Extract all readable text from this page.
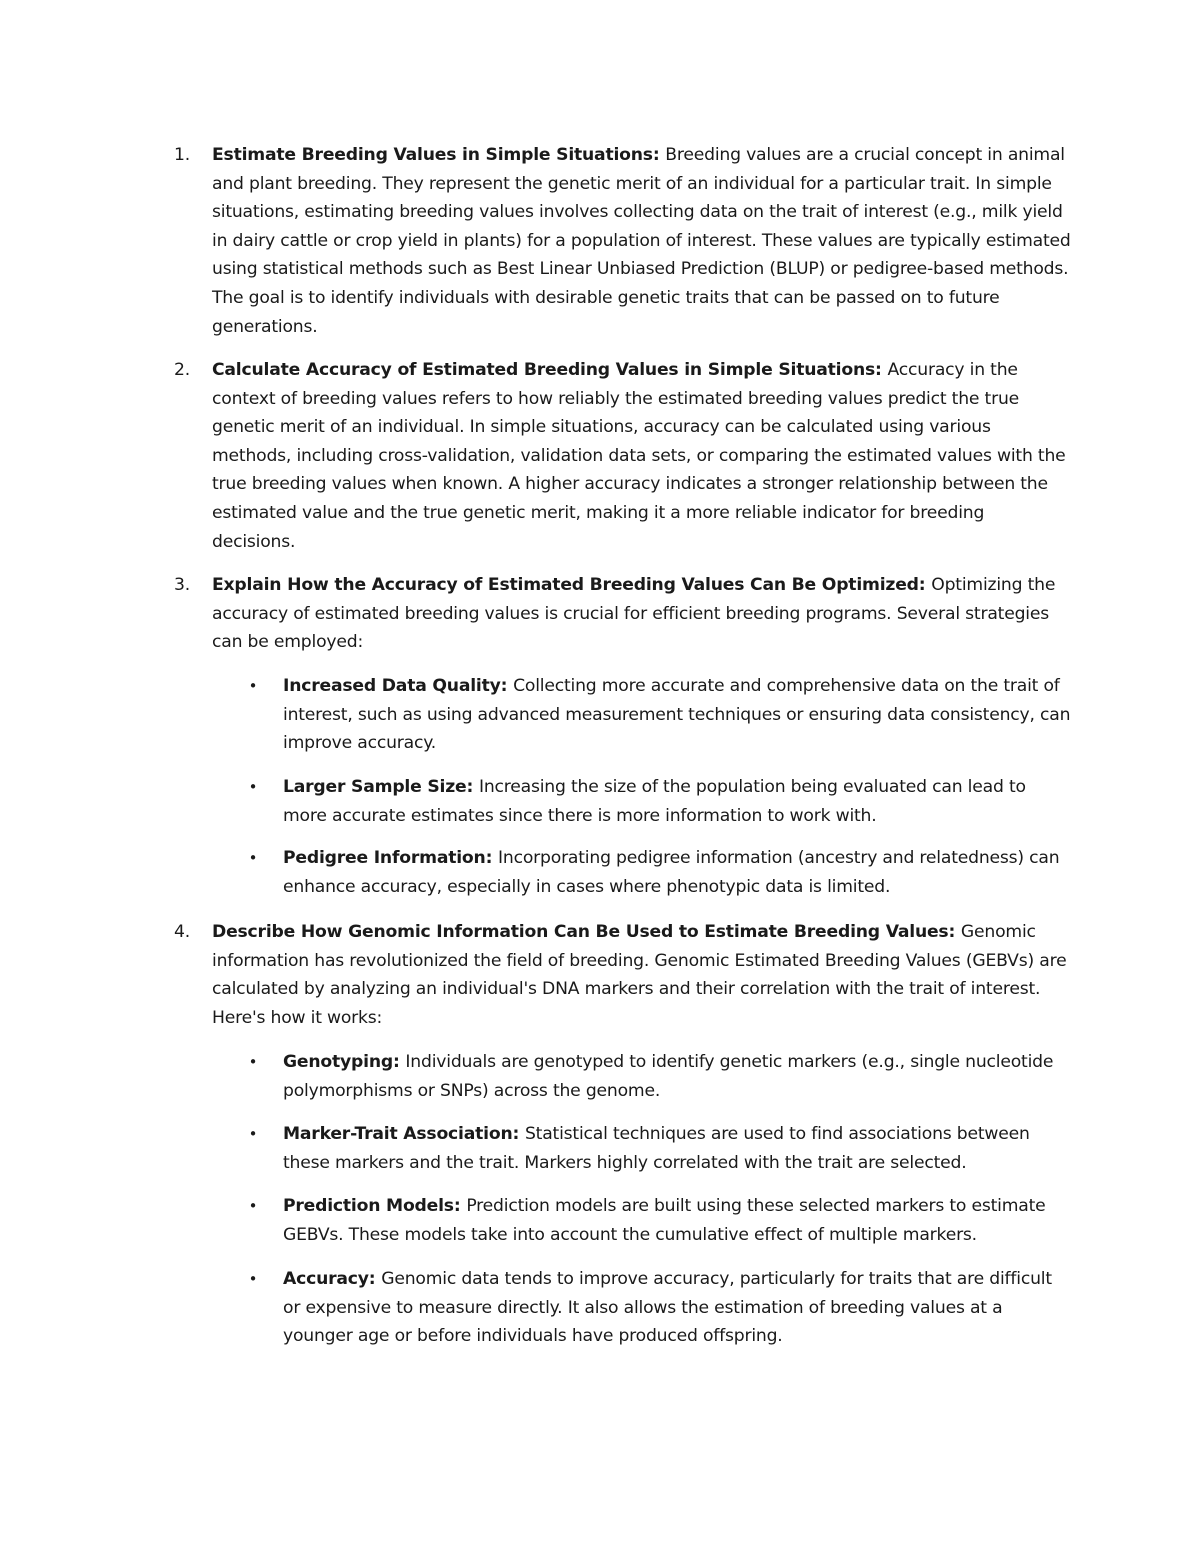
1.	Estimate Breeding Values in Simple Situations: Breeding values are a crucial concept in animal and plant breeding. They represent the genetic merit of an individual for a particular trait. In simple situations, estimating breeding values involves collecting data on the trait of interest (e.g., milk yield in dairy cattle or crop yield in plants) for a population of interest. These values are typically estimated using statistical methods such as Best Linear Unbiased Prediction (BLUP) or pedigree-based methods. The goal is to identify individuals with desirable genetic traits that can be passed on to future generations.
2.	Calculate Accuracy of Estimated Breeding Values in Simple Situations: Accuracy in the context of breeding values refers to how reliably the estimated breeding values predict the true genetic merit of an individual. In simple situations, accuracy can be calculated using various methods, including cross-validation, validation data sets, or comparing the estimated values with the true breeding values when known. A higher accuracy indicates a stronger relationship between the estimated value and the true genetic merit, making it a more reliable indicator for breeding decisions.
3.	Explain How the Accuracy of Estimated Breeding Values Can Be Optimized: Optimizing the accuracy of estimated breeding values is crucial for efficient breeding programs. Several strategies can be employed:
•	Increased Data Quality: Collecting more accurate and comprehensive data on the trait of interest, such as using advanced measurement techniques or ensuring data consistency, can improve accuracy.
•	Larger Sample Size: Increasing the size of the population being evaluated can lead to more accurate estimates since there is more information to work with.
•	Pedigree Information: Incorporating pedigree information (ancestry and relatedness) can enhance accuracy, especially in cases where phenotypic data is limited.
4.	Describe How Genomic Information Can Be Used to Estimate Breeding Values: Genomic information has revolutionized the field of breeding. Genomic Estimated Breeding Values (GEBVs) are calculated by analyzing an individual's DNA markers and their correlation with the trait of interest. Here's how it works:
•	Genotyping: Individuals are genotyped to identify genetic markers (e.g., single nucleotide polymorphisms or SNPs) across the genome.
•	Marker-Trait Association: Statistical techniques are used to find associations between these markers and the trait. Markers highly correlated with the trait are selected.
•	Prediction Models: Prediction models are built using these selected markers to estimate GEBVs. These models take into account the cumulative effect of multiple markers.
•	Accuracy: Genomic data tends to improve accuracy, particularly for traits that are difficult or expensive to measure directly. It also allows the estimation of breeding values at a younger age or before individuals have produced offspring.
